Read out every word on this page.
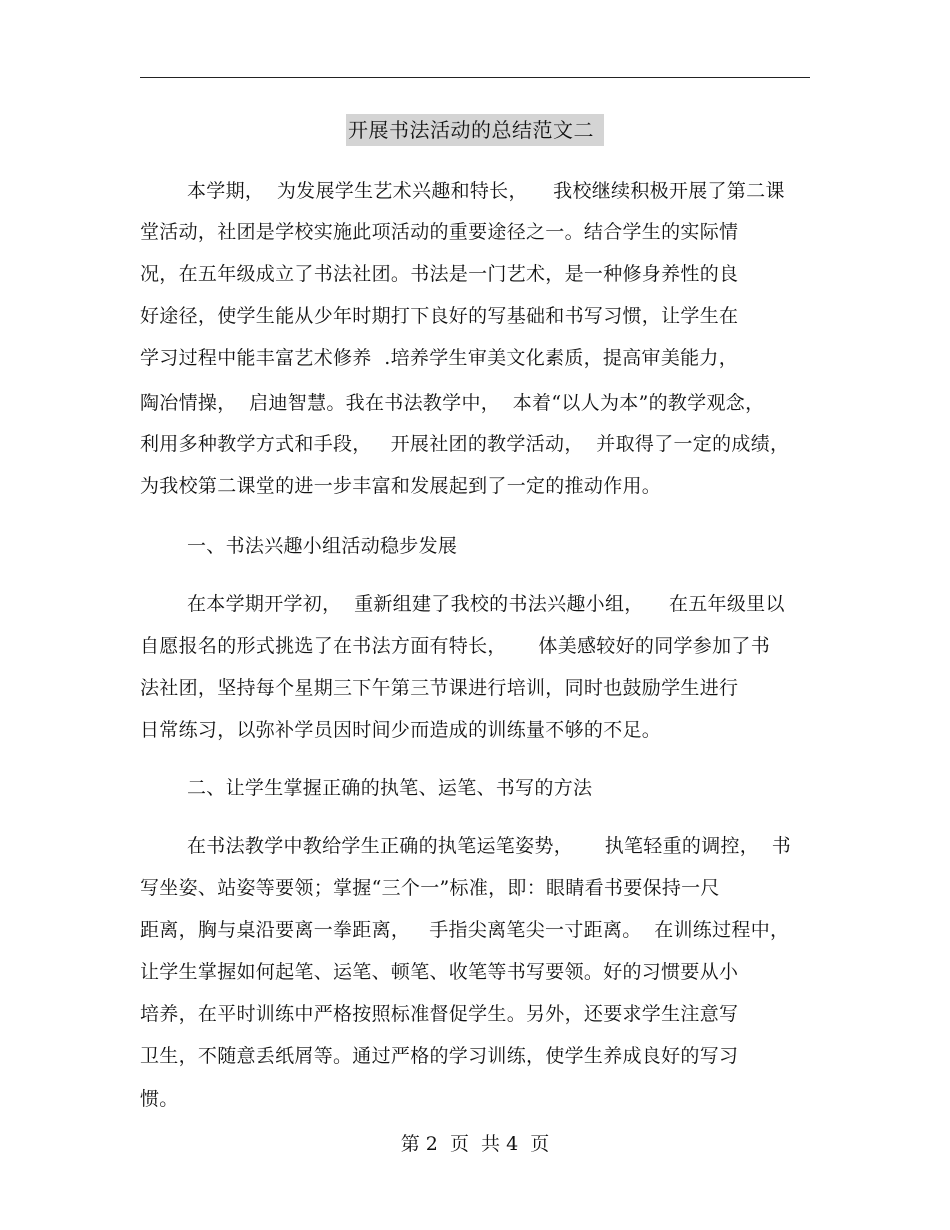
开展书法活动的总结范文二
本学期，  为发展学生艺术兴趣和特长，    我校继续积极开展了第二课
堂活动，社团是学校实施此项活动的重要途径之一。结合学生的实际情
况，在五年级成立了书法社团。书法是一门艺术，是一种修身养性的良
好途径，使学生能从少年时期打下良好的写基础和书写习惯，让学生在
学习过程中能丰富艺术修养  .培养学生审美文化素质，提高审美能力，
陶冶情操，  启迪智慧。我在书法教学中，  本着“以人为本”的教学观念，
利用多种教学方式和手段，   开展社团的教学活动，  并取得了一定的成绩，
为我校第二课堂的进一步丰富和发展起到了一定的推动作用。
一、书法兴趣小组活动稳步发展
在本学期开学初，  重新组建了我校的书法兴趣小组，    在五年级里以
自愿报名的形式挑选了在书法方面有特长，     体美感较好的同学参加了书
法社团，坚持每个星期三下午第三节课进行培训，同时也鼓励学生进行
日常练习，以弥补学员因时间少而造成的训练量不够的不足。
二、让学生掌握正确的执笔、运笔、书写的方法
在书法教学中教给学生正确的执笔运笔姿势，     执笔轻重的调控，  书
写坐姿、站姿等要领；掌握“三个一”标准，即：眼睛看书要保持一尺
距离，胸与桌沿要离一拳距离，   手指尖离笔尖一寸距离。  在训练过程中，
让学生掌握如何起笔、运笔、顿笔、收笔等书写要领。好的习惯要从小
培养，在平时训练中严格按照标准督促学生。另外，还要求学生注意写
卫生，不随意丢纸屑等。通过严格的学习训练，使学生养成良好的写习
惯。
第 2  页  共 4  页
